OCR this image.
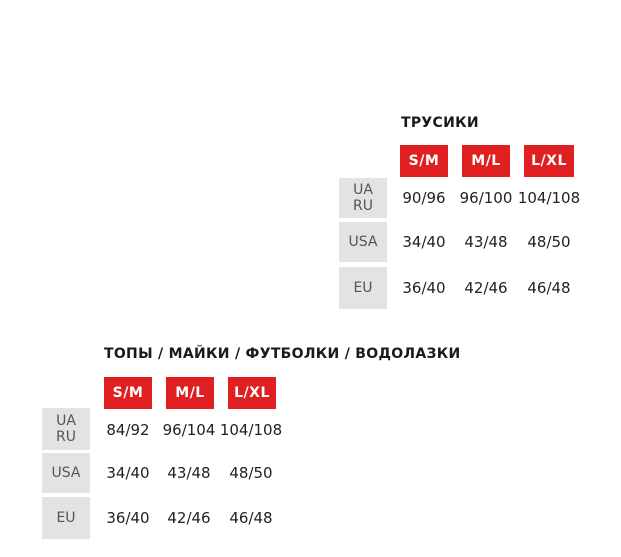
ТРУСИКИ
S/M	M/L	L/XL
UA
RU	90/96 96/100 104/108
USA	34/40	43/48	48/50
EU	36/40	42/46	46/48
ТОПЫ / МАЙКИ / ФУТБОЛКИ / ВОДОЛАЗКИ
S/M	M/L	L/XL
UA
RU	84/92 96/104 104/108
USA	34/40	43/48	48/50
EU	36/40	42/46	46/48
